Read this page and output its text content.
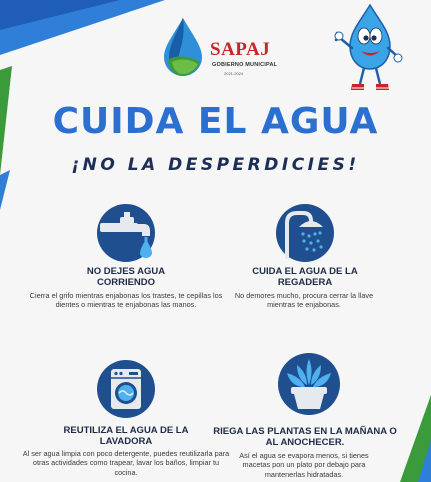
SAPAJ
GOBIERNO MUNICIPAL
2021-2024
CUIDA EL AGUA
¡NO LA DESPERDICIES!
NO DEJES AGUA CORRIENDO
Cierra el grifo mientras enjabonas los trastes, te cepillas los dientes o mientras te enjabonas las manos.
CUIDA EL AGUA DE LA REGADERA
No demores mucho, procura cerrar la llave mientras te enjabonas.
REUTILIZA EL AGUA DE LA LAVADORA
Al ser agua limpia con poco detergente, puedes reutilizarla para otras actividades como trapear, lavar los baños, limpiar tu cocina.
RIEGA LAS PLANTAS EN LA MAÑANA O AL ANOCHECER.
Así el agua se evapora menos, si tienes macetas pon un plato por debajo para mantenerlas hidratadas.
